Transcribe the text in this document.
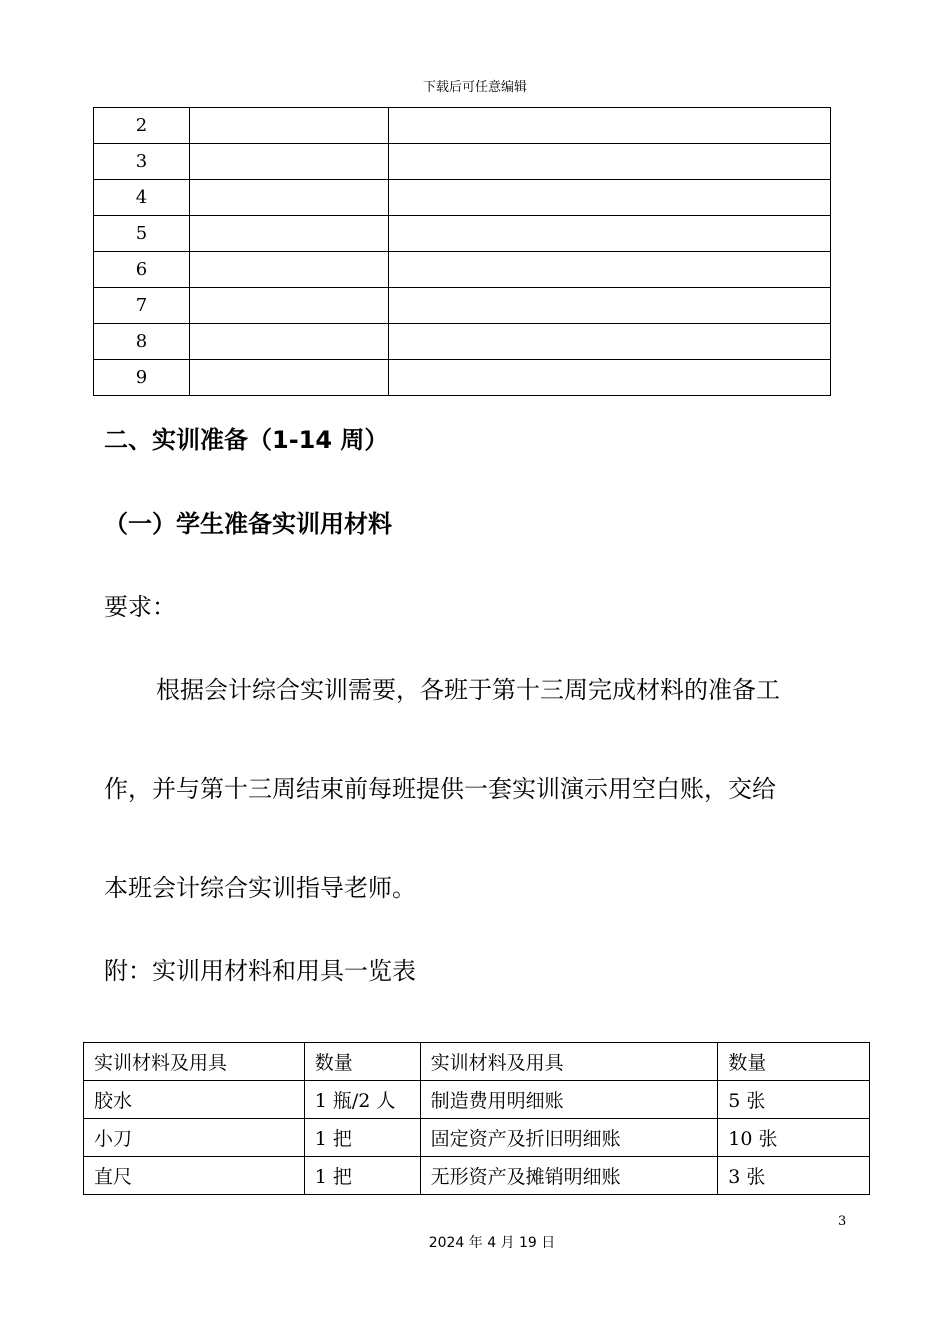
下载后可任意编辑
2		
3		
4		
5		
6		
7		
8		
9		
二、实训准备（1-14 周）
（一）学生准备实训用材料
要求：
根据会计综合实训需要，各班于第十三周完成材料的准备工
作，并与第十三周结束前每班提供一套实训演示用空白账，交给
本班会计综合实训指导老师。
附：实训用材料和用具一览表
实训材料及用具	数量	实训材料及用具	数量
胶水	1 瓶/2 人	制造费用明细账	5 张
小刀	1 把	固定资产及折旧明细账	10 张
直尺	1 把	无形资产及摊销明细账	3 张
3
2024 年 4 月 19 日
